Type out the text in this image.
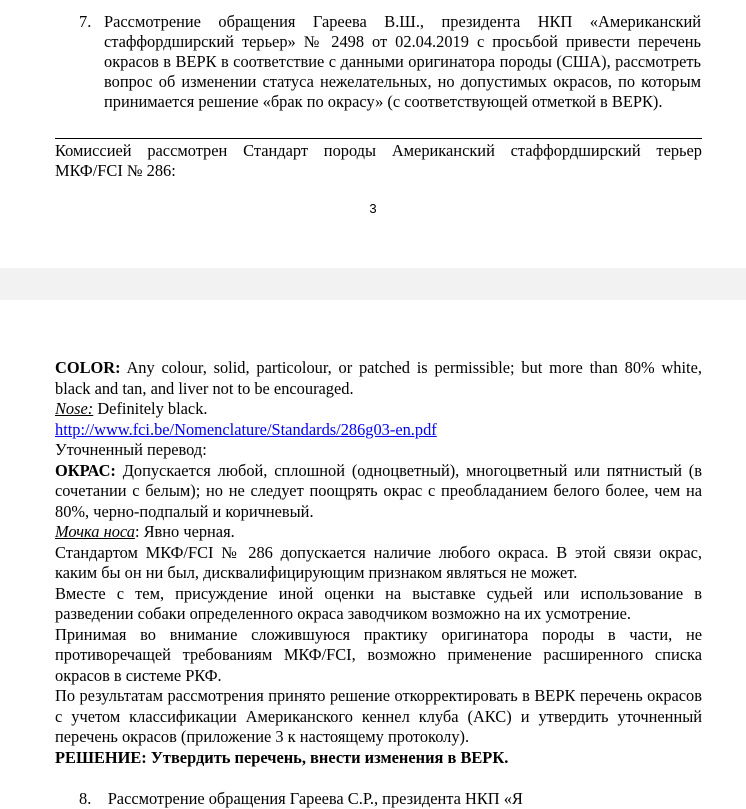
7. Рассмотрение обращения Гареева В.Ш., президента НКП «Американский стаффордширский терьер» № 2498 от 02.04.2019 с просьбой привести перечень окрасов в ВЕРК в соответствие с данными оригинатора породы (США), рассмотреть вопрос об изменении статуса нежелательных, но допустимых окрасов, по которым принимается решение «брак по окрасу» (с соответствующей отметкой в ВЕРК).
Комиссией рассмотрен Стандарт породы Американский стаффордширский терьер МКФ/FCI № 286:
3

COLOR: Any colour, solid, particolour, or patched is permissible; but more than 80% white, black and tan, and liver not to be encouraged.

Nose: Definitely black.

http://www.fci.be/Nomenclature/Standards/286g03-en.pdf

Уточненный перевод:

ОКРАС: Допускается любой, сплошной (одноцветный), многоцветный или пятнистый (в сочетании с белым); но не следует поощрять окрас с преобладанием белого более, чем на 80%, черно-подпалый и коричневый.

Мочка носа: Явно черная.

Стандартом МКФ/FCI № 286 допускается наличие любого окраса. В этой связи окрас, каким бы он ни был, дисквалифицирующим признаком являться не может.

Вместе с тем, присуждение иной оценки на выставке судьей или использование в разведении собаки определенного окраса заводчиком возможно на их усмотрение.

Принимая во внимание сложившуюся практику оригинатора породы в части, не противоречащей требованиям МКФ/FCI, возможно применение расширенного списка окрасов в системе РКФ.

По результатам рассмотрения принято решение откорректировать в ВЕРК перечень окрасов с учетом классификации Американского кеннел клуба (АКС) и утвердить уточненный перечень окрасов (приложение 3 к настоящему протоколу).

РЕШЕНИЕ: Утвердить перечень, внести изменения в ВЕРК.

8. Рассмотрение обращения Гареева С.Р., президента НКП «Я
